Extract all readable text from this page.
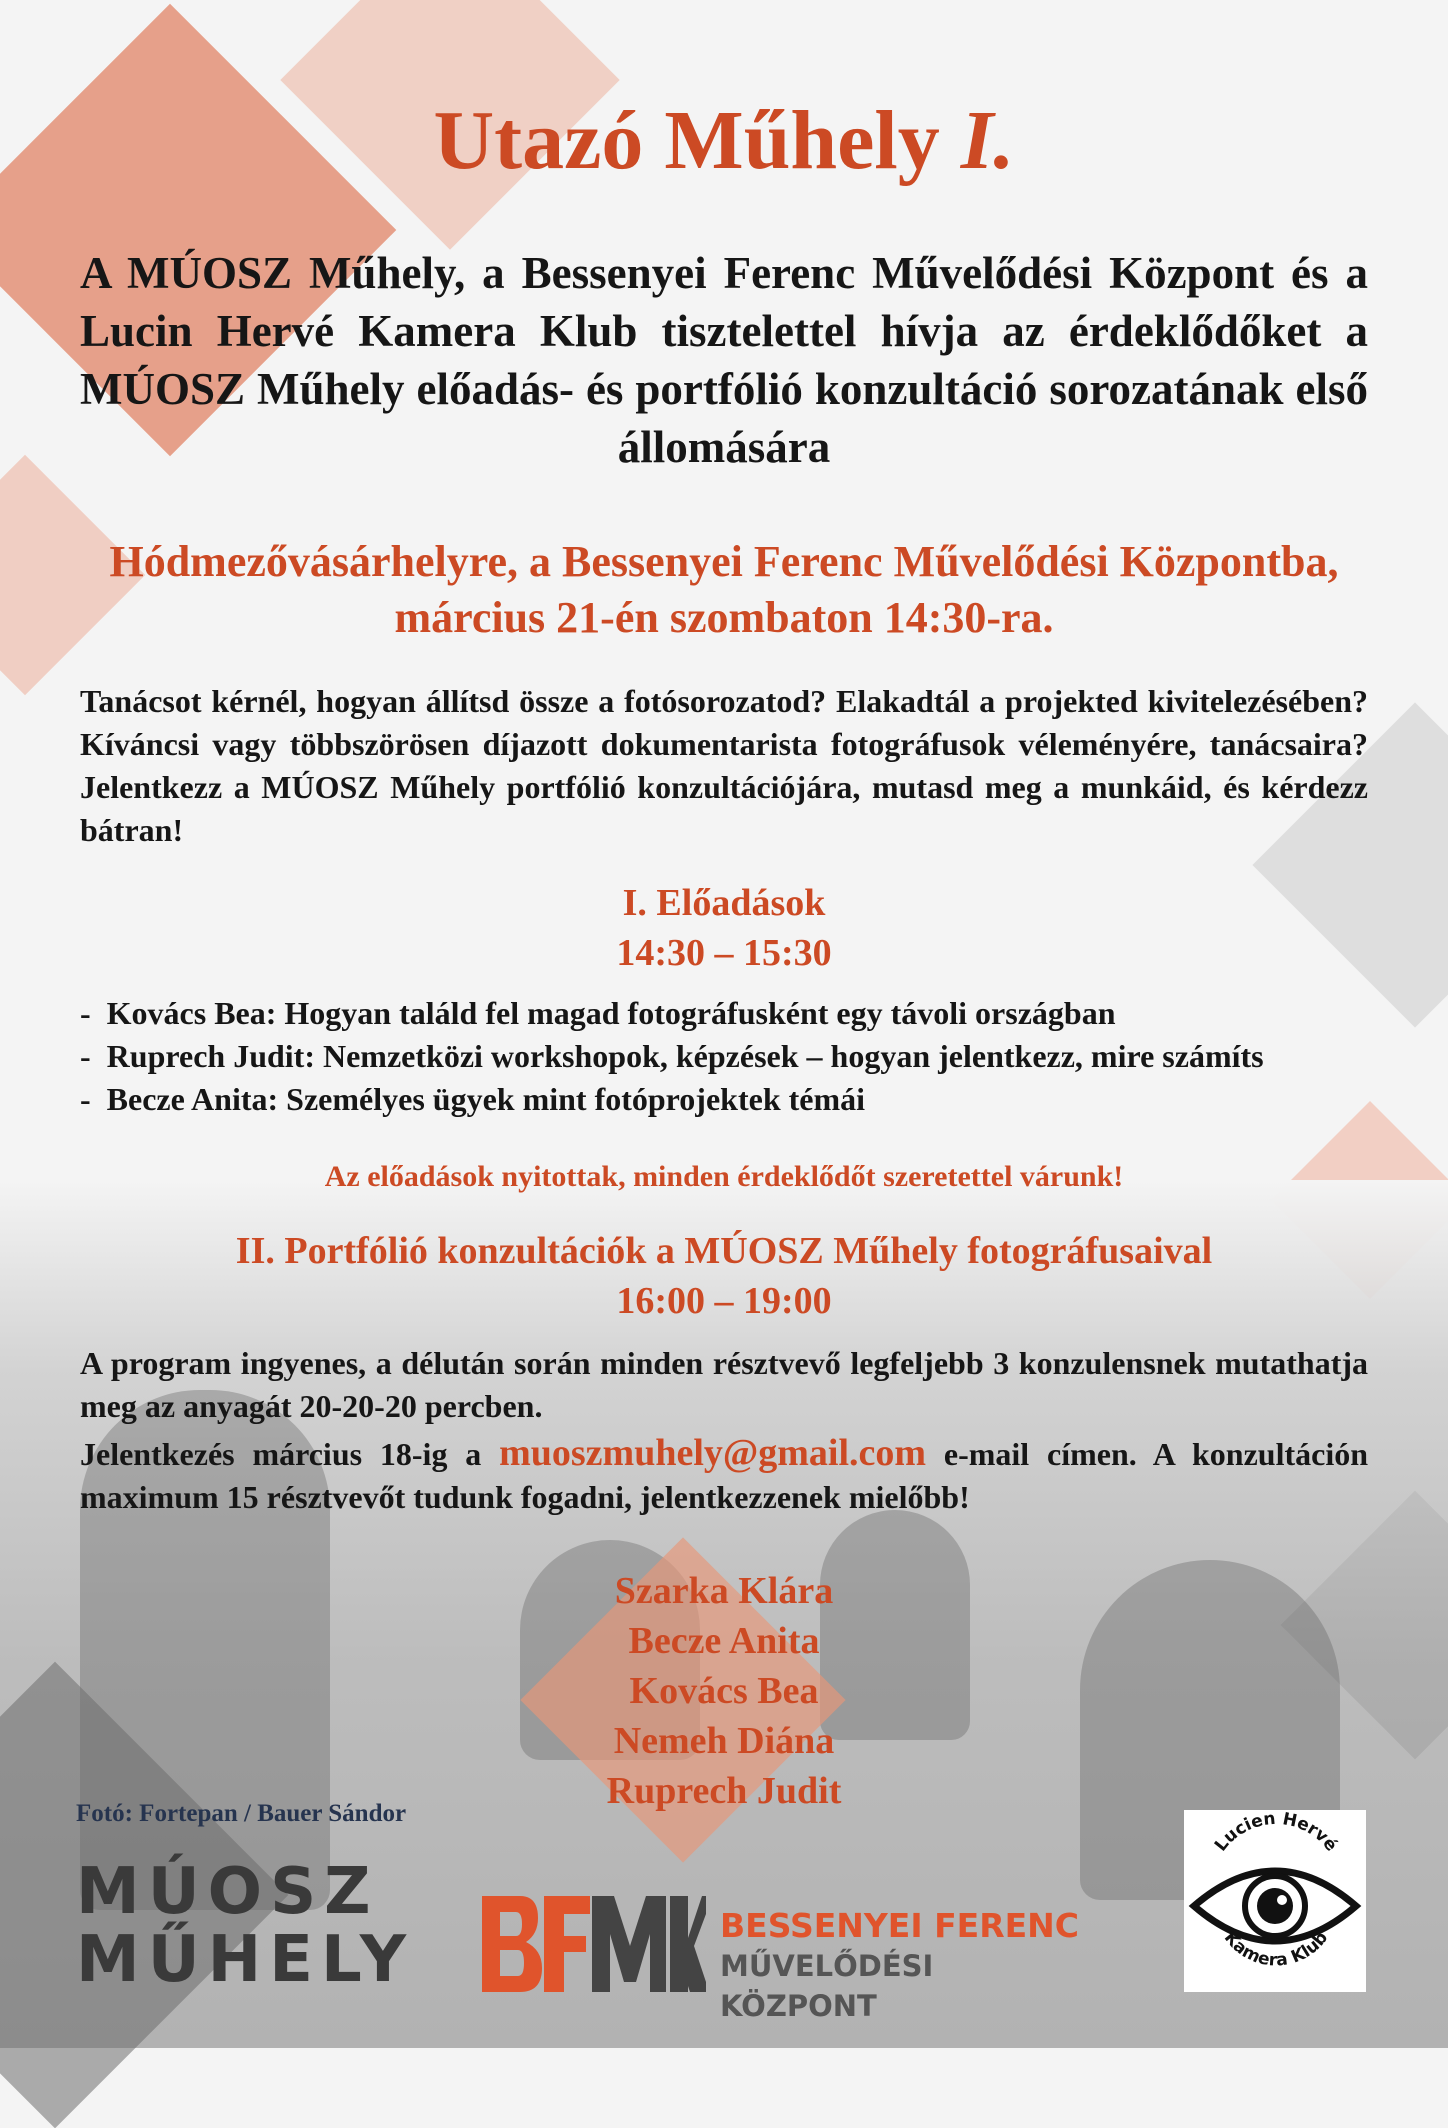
Utazó Műhely I.
A MÚOSZ Műhely, a Bessenyei Ferenc Művelődési Központ és a Lucin Hervé Kamera Klub tisztelettel hívja az érdeklődőket a MÚOSZ Műhely előadás- és portfólió konzultáció sorozatának első állomására
Hódmezővásárhelyre, a Bessenyei Ferenc Művelődési Központba,
március 21-én szombaton 14:30-ra.
Tanácsot kérnél, hogyan állítsd össze a fotósorozatod? Elakadtál a projekted kivitelezésében? Kíváncsi vagy többszörösen díjazott dokumentarista fotográfusok véleményére, tanácsaira? Jelentkezz a MÚOSZ Műhely portfólió konzultációjára, mutasd meg a munkáid, és kérdezz bátran!
I. Előadások
14:30 – 15:30
- Kovács Bea: Hogyan találd fel magad fotográfusként egy távoli országban
- Ruprech Judit: Nemzetközi workshopok, képzések – hogyan jelentkezz, mire számíts
- Becze Anita: Személyes ügyek mint fotóprojektek témái
Az előadások nyitottak, minden érdeklődőt szeretettel várunk!
II. Portfólió konzultációk a MÚOSZ Műhely fotográfusaival
16:00 – 19:00
A program ingyenes, a délután során minden résztvevő legfeljebb 3 konzulensnek mutathatja meg az anyagát 20-20-20 percben.
Jelentkezés március 18-ig a muoszmuhely@gmail.com e-mail címen. A konzultáción maximum 15 résztvevőt tudunk fogadni, jelentkezzenek mielőbb!
Szarka Klára
Becze Anita
Kovács Bea
Nemeh Diána
Ruprech Judit
Fotó: Fortepan / Bauer Sándor
MÚOSZ
MŰHELY	BESSENYEI FERENC
MŰVELŐDÉSI KÖZPONT
Lucien Hervé
Kamera Klub
